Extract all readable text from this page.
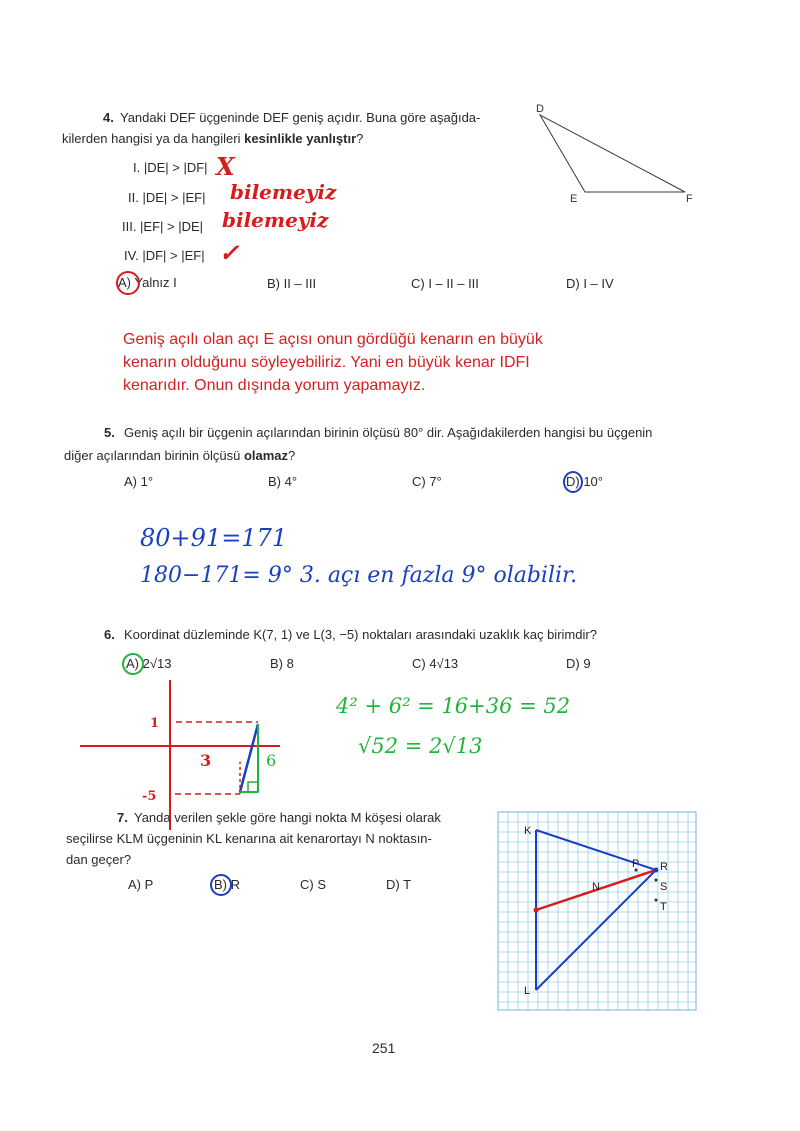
4. Yandaki DEF üçgeninde DEF geniş açıdır. Buna göre aşağıda-
kilerden hangisi ya da hangileri kesinlikle yanlıştır?
I. |DE| > |DF|
II. |DE| > |EF|
III. |EF| > |DE|
IV. |DF| > |EF|
X
bilemeyiz
bilemeyiz
✓
A) Yalnız I	B) II – III	C) I – II – III	D) I – IV
D
E	F
Geniş açılı olan açı E açısı onun gördüğü kenarın en büyük
kenarın olduğunu söyleyebiliriz. Yani en büyük kenar IDFI
kenarıdır. Onun dışında yorum yapamayız.
5. Geniş açılı bir üçgenin açılarından birinin ölçüsü 80° dir. Aşağıdakilerden hangisi bu üçgenin
diğer açılarından birinin ölçüsü olamaz?
A) 1°	B) 4°	C) 7°	D) 10°
80+91=171
180−171= 9° 3. açı en fazla 9° olabilir.
6. Koordinat düzleminde K(7, 1) ve L(3, −5) noktaları arasındaki uzaklık kaç birimdir?
A) 2√13	B) 8	C) 4√13	D) 9
1
-5
3	6
4² + 6² = 16+36 = 52
√52 = 2√13
7. Yanda verilen şekle göre hangi nokta M köşesi olarak
seçilirse KLM üçgeninin KL kenarına ait kenarortayı N noktasın-
dan geçer?
A) P	B) R	C) S	D) T
K
L
P R
S
T
N
251
